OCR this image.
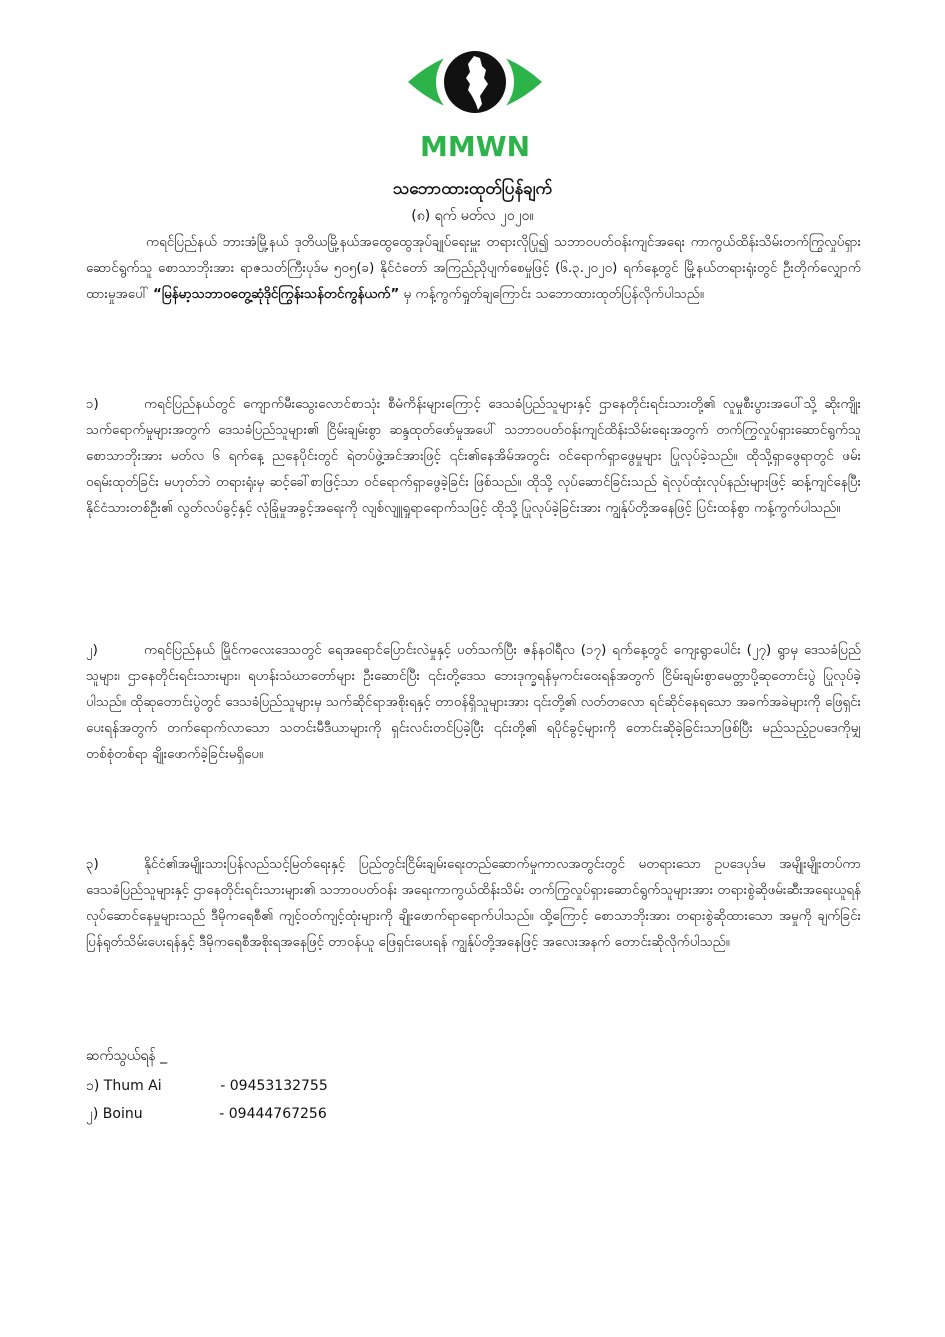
MMWN
သဘောထားထုတ်ပြန်ချက်
(၈) ရက် မတ်လ ၂၀၂၀။
ကရင်ပြည်နယ် ဘားအံမြို့နယ် ဒုတိယမြို့နယ်အထွေထွေအုပ်ချုပ်ရေးမှူး တရားလိုပြု၍ သဘာဝပတ်ဝန်းကျင်အရေး ကာကွယ်ထိန်းသိမ်းတက်ကြွလှုပ်ရှားဆောင်ရွက်သူ စောသာဘိုးအား ရာဇသတ်ကြီးပုဒ်မ ၅၀၅(ခ) နိုင်ငံတော် အကြည်ညိုပျက်စေမှုဖြင့် (၆.၃.၂၀၂၀) ရက်နေ့တွင် မြို့နယ်တရားရုံးတွင် ဦးတိုက်လျှောက်ထားမှုအပေါ် “မြန်မာ့သဘာ၀တွေ့ဆုံဒိုင်ကြွန်းသန်တင်ကွန်ယက်” မှ ကန့်ကွက်ရှုတ်ချကြောင်း သဘောထားထုတ်ပြန်လိုက်ပါသည်။
၁)	ကရင်ပြည်နယ်တွင် ကျောက်မီးသွေးလောင်စာသုံး စီမံကိန်းများကြောင့် ဒေသခံပြည်သူများနှင့် ဌာနေတိုင်းရင်းသားတို့၏ လူမှုစီးပွားအပေါ်သို့ ဆိုးကျိုးသက်ရောက်မှုများအတွက် ဒေသခံပြည်သူများ၏ ငြိမ်းချမ်းစွာ ဆန္ဒထုတ်ဖော်မှုအပေါ် သဘာဝပတ်ဝန်းကျင်ထိန်းသိမ်းရေးအတွက် တက်ကြွလှုပ်ရှားဆောင်ရွက်သူ စောသာဘိုးအား မတ်လ ၆ ရက်နေ့ ညနေပိုင်းတွင် ရဲတပ်ဖွဲ့အင်အားဖြင့် ၎င်း၏နေအိမ်အတွင်း ဝင်ရောက်ရှာဖွေမှုများ ပြုလုပ်ခဲ့သည်။ ထိုသို့ရှာဖွေရာတွင် ဖမ်းဝရမ်းထုတ်ခြင်း မဟုတ်ဘဲ တရားရုံးမှ ဆင့်ခေါ်စာဖြင့်သာ ဝင်ရောက်ရှာဖွေခဲ့ခြင်း ဖြစ်သည်။ ထိုသို့ လုပ်ဆောင်ခြင်းသည် ရဲလုပ်ထုံးလုပ်နည်းများဖြင့် ဆန့်ကျင်နေပြီး နိုင်ငံသားတစ်ဦး၏ လွတ်လပ်ခွင့်နှင့် လုံခြုံမှုအခွင့်အရေးကို လျစ်လျူရှုရာရောက်သဖြင့် ထိုသို့ ပြုလုပ်ခဲ့ခြင်းအား ကျွန်ုပ်တို့အနေဖြင့် ပြင်းထန်စွာ ကန့်ကွက်ပါသည်။
၂)	ကရင်ပြည်နယ် မြိုင်ကလေးဒေသတွင် ရေအရောင်ပြောင်းလဲမှုနှင့် ပတ်သက်ပြီး ဇန်နဝါရီလ (၁၇) ရက်နေ့တွင် ကျေးရွာပေါင်း (၂၇) ရွာမှ ဒေသခံပြည်သူများ၊ ဌာနေတိုင်းရင်းသားများ၊ ရဟန်းသံဃာတော်များ ဦးဆောင်ပြီး ၎င်းတို့ဒေသ ဘေးဒုက္ခရန်မှကင်းဝေးရန်အတွက် ငြိမ်းချမ်းစွာမေတ္တာပို့ဆုတောင်းပွဲ ပြုလုပ်ခဲ့ပါသည်။ ထိုဆုတောင်းပွဲတွင် ဒေသခံပြည်သူများမှ သက်ဆိုင်ရာအစိုးရနှင့် တာဝန်ရှိသူများအား ၎င်းတို့၏ လတ်တလော ရင်ဆိုင်နေရသော အခက်အခဲများကို ဖြေရှင်းပေးရန်အတွက် တက်ရောက်လာသော သတင်းမီဒီယာများကို ရှင်းလင်းတင်ပြခဲ့ပြီး ၎င်းတို့၏ ရပိုင်ခွင့်များကို တောင်းဆိုခဲ့ခြင်းသာဖြစ်ပြီး မည်သည့်ဥပဒေကိုမျှ တစ်စုံတစ်ရာ ချိုးဖောက်ခဲ့ခြင်းမရှိပေ။
၃)	နိုင်ငံ၏အမျိုးသားပြန်လည်သင့်မြတ်ရေးနှင့် ပြည်တွင်းငြိမ်းချမ်းရေးတည်ဆောက်မှုကာလအတွင်းတွင် မတရားသော ဥပဒေပုဒ်မ အမျိုးမျိုးတပ်ကာ ဒေသခံပြည်သူများနှင့် ဌာနေတိုင်းရင်းသားများ၏ သဘာဝပတ်ဝန်း အရေးကာကွယ်ထိန်းသိမ်း တက်ကြွလှုပ်ရှားဆောင်ရွက်သူများအား တရားစွဲဆိုဖမ်းဆီးအရေးယူရန် လုပ်ဆောင်နေမှုများသည် ဒီမိုကရေစီ၏ ကျင့်ဝတ်ကျင့်ထုံးများကို ချိုးဖောက်ရာရောက်ပါသည်။ ထို့ကြောင့် စောသာဘိုးအား တရားစွဲဆိုထားသော အမှုကို ချက်ခြင်းပြန်ရုတ်သိမ်းပေးရန်နှင့် ဒီမိုကရေစီအစိုးရအနေဖြင့် တာဝန်ယူ ဖြေရှင်းပေးရန် ကျွန်ုပ်တို့အနေဖြင့် အလေးအနက် တောင်းဆိုလိုက်ပါသည်။
ဆက်သွယ်ရန် _
၁) Thum Ai	- 09453132755
၂) Boinu	- 09444767256
